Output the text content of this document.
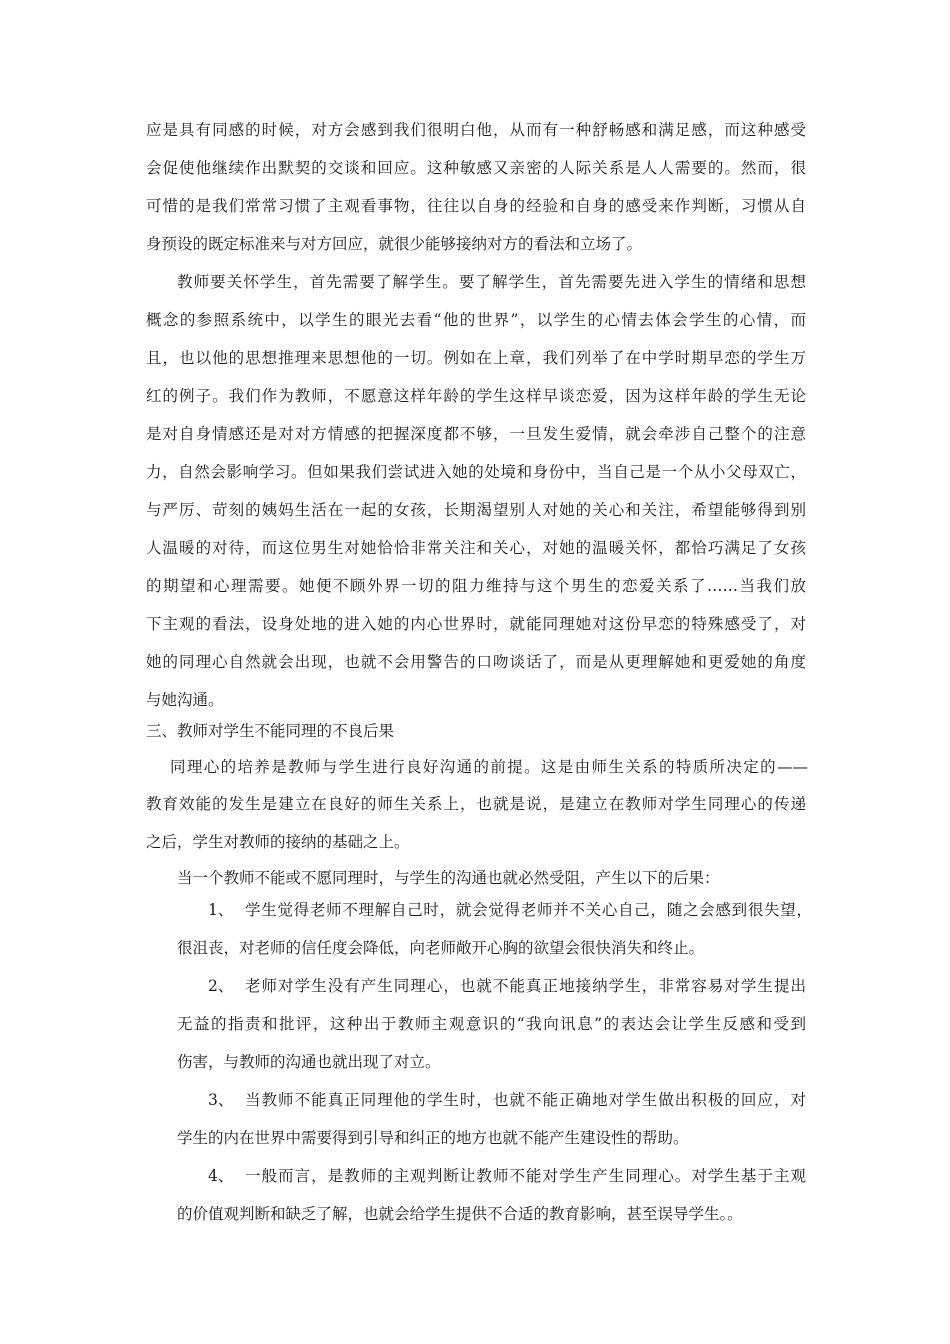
应是具有同感的时候，对方会感到我们很明白他，从而有一种舒畅感和满足感，而这种感受
会促使他继续作出默契的交谈和回应。这种敏感又亲密的人际关系是人人需要的。然而，很
可惜的是我们常常习惯了主观看事物，往往以自身的经验和自身的感受来作判断，习惯从自
身预设的既定标准来与对方回应，就很少能够接纳对方的看法和立场了。
教师要关怀学生，首先需要了解学生。要了解学生，首先需要先进入学生的情绪和思想
概念的参照系统中，以学生的眼光去看“他的世界”，以学生的心情去体会学生的心情，而
且，也以他的思想推理来思想他的一切。例如在上章，我们列举了在中学时期早恋的学生万
红的例子。我们作为教师，不愿意这样年龄的学生这样早谈恋爱，因为这样年龄的学生无论
是对自身情感还是对对方情感的把握深度都不够，一旦发生爱情，就会牵涉自己整个的注意
力，自然会影响学习。但如果我们尝试进入她的处境和身份中，当自己是一个从小父母双亡，
与严厉、苛刻的姨妈生活在一起的女孩，长期渴望别人对她的关心和关注，希望能够得到别
人温暖的对待，而这位男生对她恰恰非常关注和关心，对她的温暖关怀，都恰巧满足了女孩
的期望和心理需要。她便不顾外界一切的阻力维持与这个男生的恋爱关系了……当我们放
下主观的看法，设身处地的进入她的内心世界时，就能同理她对这份早恋的特殊感受了，对
她的同理心自然就会出现，也就不会用警告的口吻谈话了，而是从更理解她和更爱她的角度
与她沟通。
三、教师对学生不能同理的不良后果
同理心的培养是教师与学生进行良好沟通的前提。这是由师生关系的特质所决定的——
教育效能的发生是建立在良好的师生关系上，也就是说，是建立在教师对学生同理心的传递
之后，学生对教师的接纳的基础之上。
当一个教师不能或不愿同理时，与学生的沟通也就必然受阻，产生以下的后果：
1、 学生觉得老师不理解自己时，就会觉得老师并不关心自己，随之会感到很失望，
很沮丧，对老师的信任度会降低，向老师敞开心胸的欲望会很快消失和终止。
2、 老师对学生没有产生同理心，也就不能真正地接纳学生，非常容易对学生提出
无益的指责和批评，这种出于教师主观意识的“我向讯息”的表达会让学生反感和受到
伤害，与教师的沟通也就出现了对立。
3、 当教师不能真正同理他的学生时，也就不能正确地对学生做出积极的回应，对
学生的内在世界中需要得到引导和纠正的地方也就不能产生建设性的帮助。
4、 一般而言，是教师的主观判断让教师不能对学生产生同理心。对学生基于主观
的价值观判断和缺乏了解，也就会给学生提供不合适的教育影响，甚至误导学生。。
